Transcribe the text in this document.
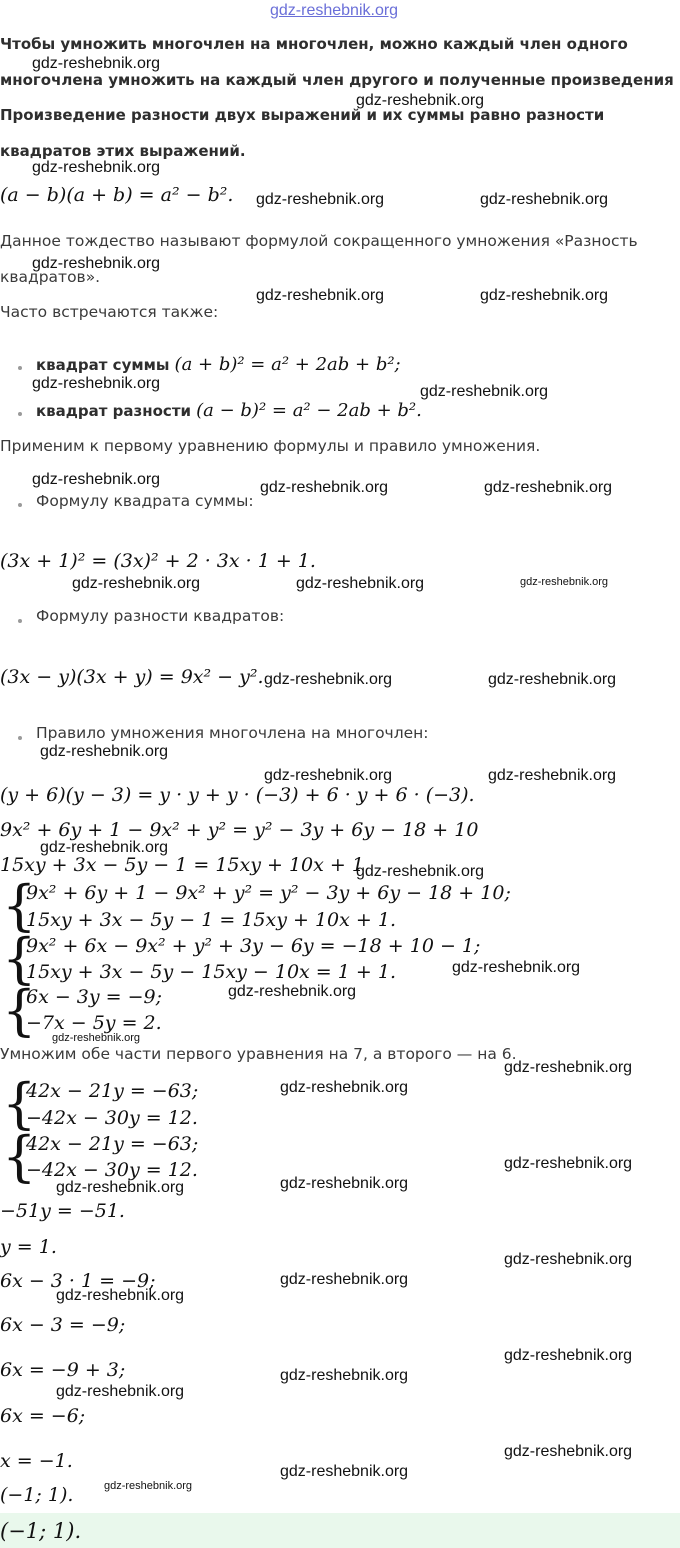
gdz-reshebnik.org
Чтобы умножить многочлен на многочлен, можно каждый член одного
многочлена умножить на каждый член другого и полученные произведения
Произведение разности двух выражений и их суммы равно разности
квадратов этих выражений.
(a − b)(a + b) = a² − b².
Данное тождество называют формулой сокращенного умножения «Разность
квадратов».
Часто встречаются также:
квадрат суммы (a + b)² = a² + 2ab + b²;
квадрат разности (a − b)² = a² − 2ab + b².
Применим к первому уравнению формулы и правило умножения.
Формулу квадрата суммы:
(3x + 1)² = (3x)² + 2 · 3x · 1 + 1.
Формулу разности квадратов:
(3x − y)(3x + y) = 9x² − y².
Правило умножения многочлена на многочлен:
(y + 6)(y − 3) = y · y + y · (−3) + 6 · y + 6 · (−3).
9x² + 6y + 1 − 9x² + y² = y² − 3y + 6y − 18 + 10
15xy + 3x − 5y − 1 = 15xy + 10x + 1
{
9x² + 6y + 1 − 9x² + y² = y² − 3y + 6y − 18 + 10;
15xy + 3x − 5y − 1 = 15xy + 10x + 1.
{
9x² + 6x − 9x² + y² + 3y − 6y = −18 + 10 − 1;
15xy + 3x − 5y − 15xy − 10x = 1 + 1.
{
6x − 3y = −9;
−7x − 5y = 2.
Умножим обе части первого уравнения на 7, а второго — на 6.
{
42x − 21y = −63;
−42x − 30y = 12.
{
42x − 21y = −63;
−42x − 30y = 12.
−51y = −51.
y = 1.
6x − 3 · 1 = −9;
6x − 3 = −9;
6x = −9 + 3;
6x = −6;
x = −1.
(−1; 1).
(−1; 1).
gdz-reshebnik.org
gdz-reshebnik.org
gdz-reshebnik.org
gdz-reshebnik.org	gdz-reshebnik.org
gdz-reshebnik.org
gdz-reshebnik.org	gdz-reshebnik.org
gdz-reshebnik.org	gdz-reshebnik.org
gdz-reshebnik.org	gdz-reshebnik.org	gdz-reshebnik.org
gdz-reshebnik.org	gdz-reshebnik.org	gdz-reshebnik.org
gdz-reshebnik.org	gdz-reshebnik.org
gdz-reshebnik.org
gdz-reshebnik.org	gdz-reshebnik.org
gdz-reshebnik.org
gdz-reshebnik.org
gdz-reshebnik.org
gdz-reshebnik.org
gdz-reshebnik.org
gdz-reshebnik.org
gdz-reshebnik.org
gdz-reshebnik.org
gdz-reshebnik.org
gdz-reshebnik.org
gdz-reshebnik.org
gdz-reshebnik.org
gdz-reshebnik.org
gdz-reshebnik.org
gdz-reshebnik.org
gdz-reshebnik.org
gdz-reshebnik.org
gdz-reshebnik.org
gdz-reshebnik.org
